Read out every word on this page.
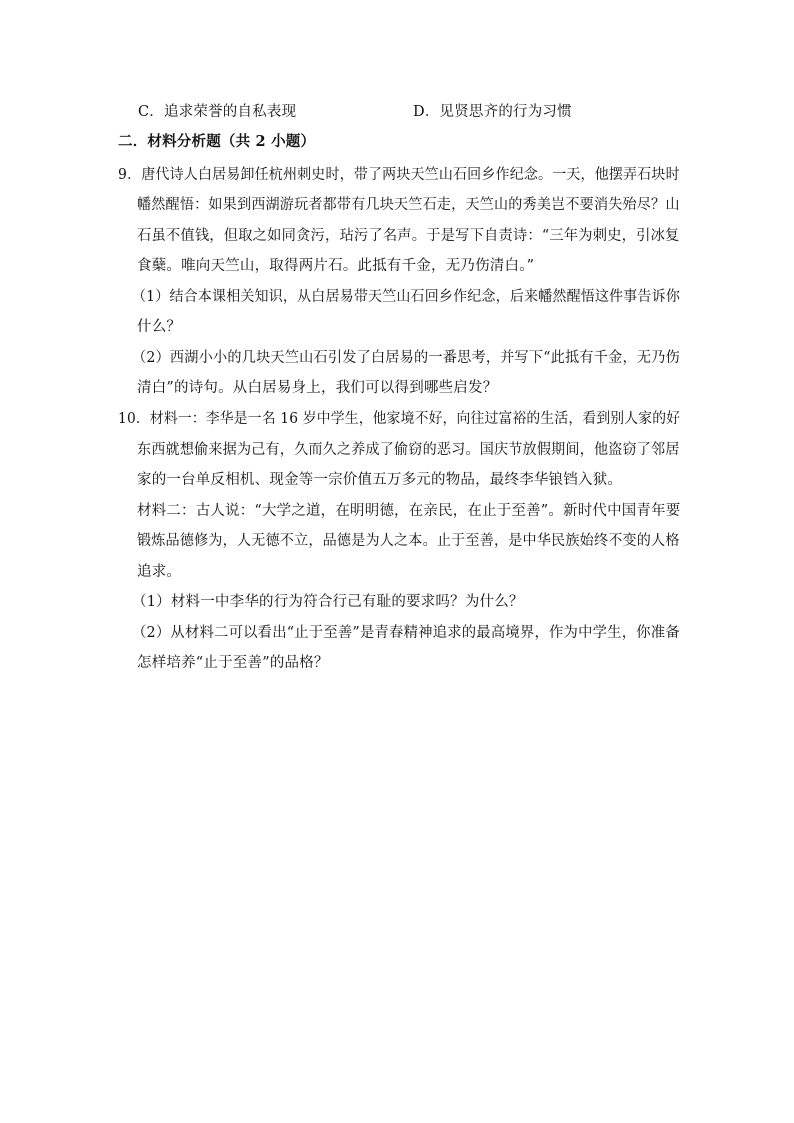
C．追求荣誉的自私表现	D．见贤思齐的行为习惯
二．材料分析题（共 2 小题）
9．唐代诗人白居易卸任杭州刺史时，带了两块天竺山石回乡作纪念。一天，他摆弄石块时
幡然醒悟：如果到西湖游玩者都带有几块天竺石走，天竺山的秀美岂不要消失殆尽？山
石虽不值钱，但取之如同贪污，玷污了名声。于是写下自责诗：“三年为刺史，引冰复
食蘖。唯向天竺山，取得两片石。此抵有千金，无乃伤清白。”
（1）结合本课相关知识，从白居易带天竺山石回乡作纪念，后来幡然醒悟这件事告诉你
什么？
（2）西湖小小的几块天竺山石引发了白居易的一番思考，并写下“此抵有千金，无乃伤
清白”的诗句。从白居易身上，我们可以得到哪些启发？
10．材料一：李华是一名 16 岁中学生，他家境不好，向往过富裕的生活，看到别人家的好
东西就想偷来据为己有，久而久之养成了偷窃的恶习。国庆节放假期间，他盗窃了邻居
家的一台单反相机、现金等一宗价值五万多元的物品，最终李华锒铛入狱。
材料二：古人说：“大学之道，在明明德，在亲民，在止于至善”。新时代中国青年要
锻炼品德修为，人无德不立，品德是为人之本。止于至善，是中华民族始终不变的人格
追求。
（1）材料一中李华的行为符合行己有耻的要求吗？为什么？
（2）从材料二可以看出“止于至善”是青春精神追求的最高境界，作为中学生，你准备
怎样培养“止于至善”的品格？
